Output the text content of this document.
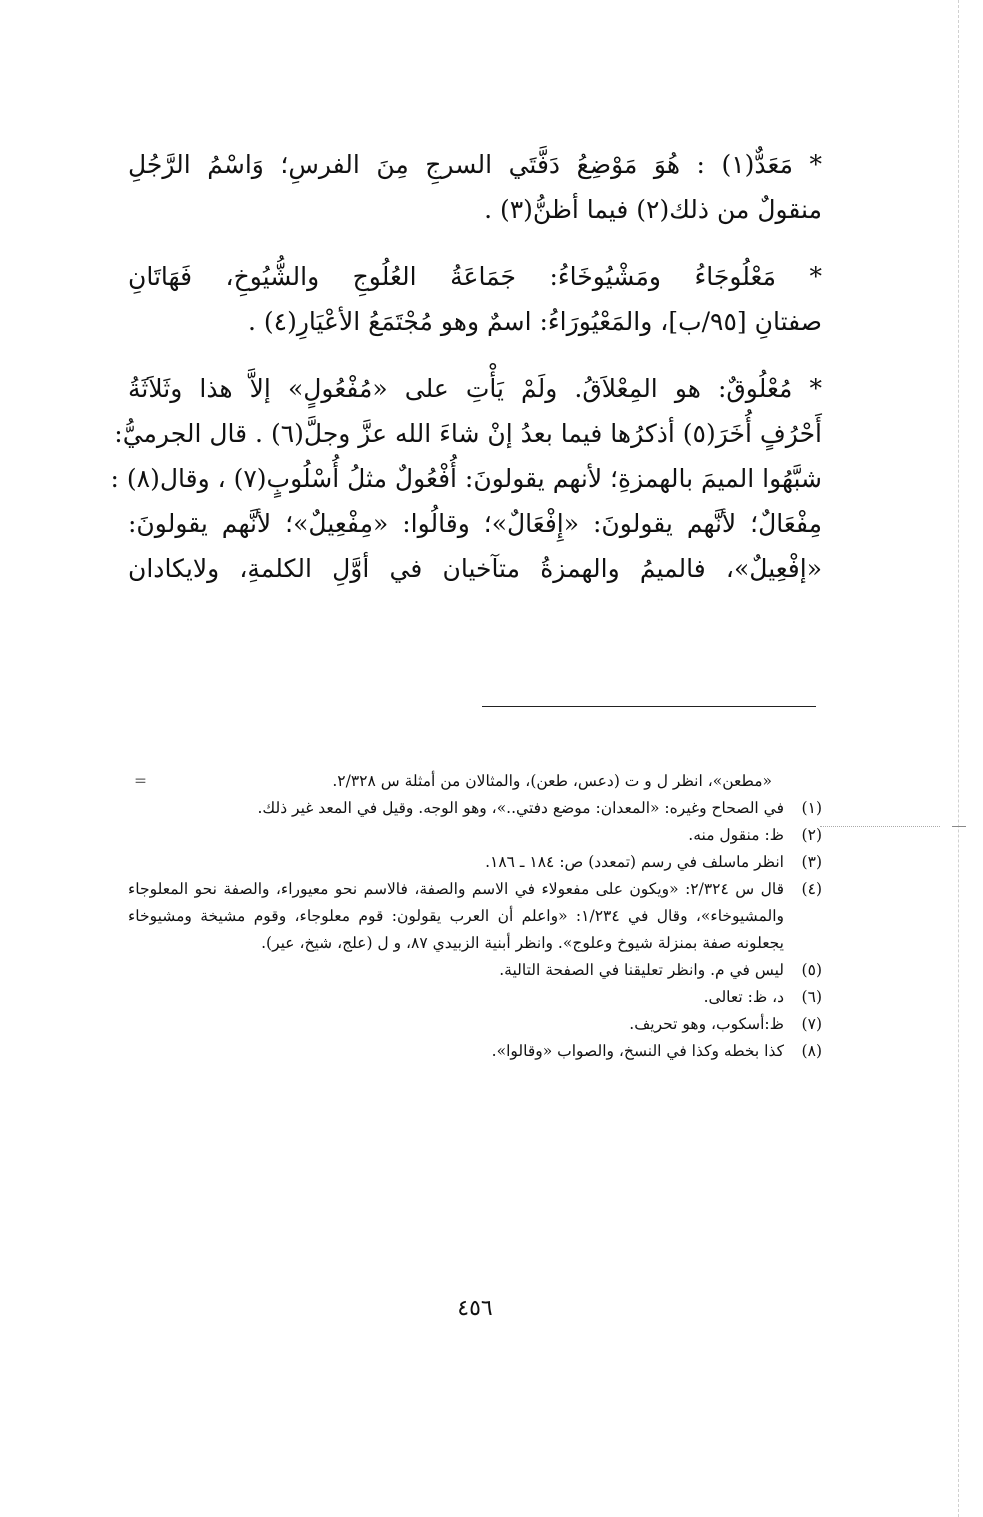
* مَعَدٌّ(١) : هُوَ مَوْضِعُ دَفَّتَي السرجِ مِنَ الفرسِ؛ وَاسْمُ الرَّجُلِ
منقولٌ من ذلك(٢) فيما أظنُّ(٣) .
* مَعْلُوجَاءُ ومَشْيُوخَاءُ: جَمَاعَةُ العُلُوجِ والشُّيُوخِ، فَهَاتَانِ
صفتانِ [٩٥/ب]، والمَعْيُورَاءُ: اسمٌ وهو مُجْتَمَعُ الأعْيَارِ(٤) .
* مُعْلُوقٌ: هو المِعْلاَقُ. ولَمْ يَأْتِ على «مُفْعُولٍ» إلاَّ هذا وثَلاَثَةُ
أَحْرُفٍ أُخَرَ(٥) أذكرُها فيما بعدُ إنْ شاءَ الله عزَّ وجلَّ(٦) . قال الجرميُّ:
شبَّهُوا الميمَ بالهمزةِ؛ لأنهم يقولونَ: أُفْعُولٌ مثلُ أُسْلُوبٍ(٧) ، وقال(٨) :
مِفْعَالٌ؛ لأنَّهم يقولونَ: «إِفْعَالٌ»؛ وقالُوا: «مِفْعِيلٌ»؛ لأنَّهم يقولونَ:
«إفْعِيلٌ»، فالميمُ والهمزةُ متآخيان في أوَّلِ الكلمةِ، ولايكادان
=	«مطعن»، انظر ل و ت (دعس، طعن)، والمثالان من أمثلة س ٢/٣٢٨.
(١)
في الصحاح وغيره: «المعدان: موضع دفتي..»، وهو الوجه. وقيل في المعد غير ذلك.
(٢)
ظ: منقول منه.
(٣)
انظر ماسلف في رسم (تمعدد) ص: ١٨٤ ـ ١٨٦.
(٤)
قال س ٢/٣٢٤: «ويكون على مفعولاء في الاسم والصفة، فالاسم نحو معيوراء، والصفة نحو المعلوجاء والمشيوخاء»، وقال في ١/٢٣٤: «واعلم أن العرب يقولون: قوم معلوجاء، وقوم مشيخة ومشيوخاء يجعلونه صفة بمنزلة شيوخ وعلوج». وانظر أبنية الزبيدي ٨٧، و ل (علج، شيخ، عير).
(٥)
ليس في م. وانظر تعليقنا في الصفحة التالية.
(٦)
د، ظ: تعالى.
(٧)
ظ:أسكوب، وهو تحريف.
(٨)
كذا بخطه وكذا في النسخ، والصواب «وقالوا».
٤٥٦
